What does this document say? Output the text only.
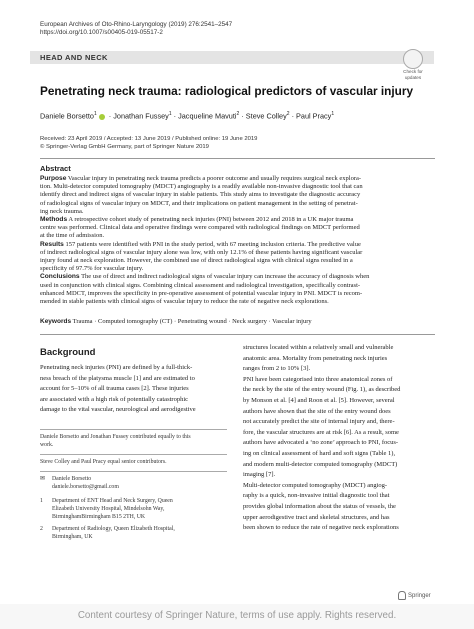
European Archives of Oto-Rhino-Laryngology (2019) 276:2541–2547
https://doi.org/10.1007/s00405-019-05517-2
HEAD AND NECK
Check for
updates
Penetrating neck trauma: radiological predictors of vascular injury
Daniele Borsetto$^1$ · Jonathan Fussey$^1$ · Jacqueline Mavuti$^2$ · Steve Colley$^2$ · Paul Pracy$^1$
Received: 23 April 2019 / Accepted: 13 June 2019 / Published online: 19 June 2019
© Springer-Verlag GmbH Germany, part of Springer Nature 2019
Abstract
Purpose Vascular injury in penetrating neck trauma predicts a poorer outcome and usually requires surgical neck explora-
tion. Multi-detector computed tomography (MDCT) angiography is a readily available non-invasive diagnostic tool that can
identify direct and indirect signs of vascular injury in stable patients. This study aims to investigate the diagnostic accuracy
of radiological signs of vascular injury on MDCT, and their implications on patient management in the setting of penetrat-
ing neck trauma.
Methods A retrospective cohort study of penetrating neck injuries (PNI) between 2012 and 2018 in a UK major trauma
centre was performed. Clinical data and operative findings were compared with radiological findings on MDCT performed
at the time of admission.
Results 157 patients were identified with PNI in the study period, with 67 meeting inclusion criteria. The predictive value
of indirect radiological signs of vascular injury alone was low, with only 12.1% of these patients having significant vascular
injury found at neck exploration. However, the combined use of direct radiological signs with clinical signs resulted in a
specificity of 97.7% for vascular injury.
Conclusions The use of direct and indirect radiological signs of vascular injury can increase the accuracy of diagnosis when
used in conjunction with clinical signs. Combining clinical assessment and radiological investigation, specifically contrast-
enhanced MDCT, improves the specificity in pre-operative assessment of potential vascular injury in PNI. MDCT is recom-
mended in stable patients with clinical signs of vascular injury to reduce the rate of negative neck explorations.
Keywords Trauma · Computed tomography (CT) · Penetrating wound · Neck surgery · Vascular injury
Background
Penetrating neck injuries (PNI) are defined by a full-thick-
ness breach of the platysma muscle [1] and are estimated to
account for 5–10% of all trauma cases [2]. These injuries
are associated with a high risk of potentially catastrophic
damage to the vital vascular, neurological and aerodigestive
structures located within a relatively small and vulnerable
anatomic area. Mortality from penetrating neck injuries
ranges from 2 to 10% [3].
PNI have been categorised into three anatomical zones of
the neck by the site of the entry wound (Fig. 1), as described
by Monson et al. [4] and Roon et al. [5]. However, several
authors have shown that the site of the entry wound does
not accurately predict the site of internal injury and, there-
fore, the vascular structures are at risk [6]. As a result, some
authors have advocated a ‘no zone’ approach to PNI, focus-
ing on clinical assessment of hard and soft signs (Table 1),
and modern multi-detector computed tomography (MDCT)
imaging [7].
Multi-detector computed tomography (MDCT) angiog-
raphy is a quick, non-invasive initial diagnostic tool that
provides global information about the status of vessels, the
upper aerodigestive tract and skeletal structures, and has
been shown to reduce the rate of negative neck explorations
Daniele Borsetto and Jonathan Fussey contributed equally to this
work.
Steve Colley and Paul Pracy equal senior contributors.
✉ Daniele Borsetto
daniele.borsetto@gmail.com
1 Department of ENT Head and Neck Surgery, Queen
Elizabeth University Hospital, Mindelsohn Way,
BirminghamBirmingham B15 2TH, UK
2 Department of Radiology, Queen Elizabeth Hospital,
Birmingham, UK
Springer
Content courtesy of Springer Nature, terms of use apply. Rights reserved.
